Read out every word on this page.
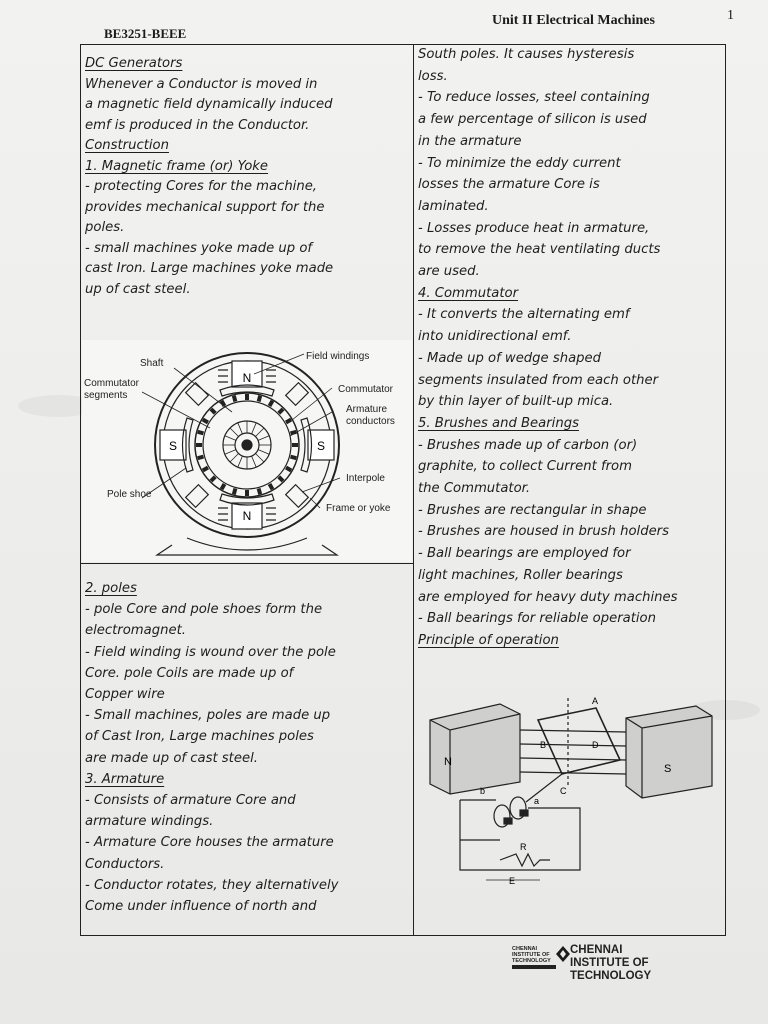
BE3251-BEEE
Unit II Electrical Machines	1

DC Generators

Whenever a Conductor is moved in

a magnetic field dynamically induced

emf is produced in the Conductor.

Construction

1. Magnetic frame (or) Yoke

- protecting Cores for the machine,

provides mechanical support for the

poles.

- small machines yoke made up of

cast Iron. Large machines yoke made

up of cast steel.

N
N
S	S
Shaft
Field windings
Commutator
segments
Commutator
Armature
conductors
Interpole
Pole shoe
Frame or yoke

2. poles

- pole Core and pole shoes form the

electromagnet.

- Field winding is wound over the pole

Core. pole Coils are made up of

Copper wire

- Small machines, poles are made up

of Cast Iron, Large machines poles

are made up of cast steel.

3. Armature

- Consists of armature Core and

armature windings.

- Armature Core houses the armature

Conductors.

- Conductor rotates, they alternatively

Come under influence of north and

South poles. It causes hysteresis

loss.

- To reduce losses, steel containing

a few percentage of silicon is used

in the armature

- To minimize the eddy current

losses the armature Core is

laminated.

- Losses produce heat in armature,

to remove the heat ventilating ducts

are used.

4. Commutator

- It converts the alternating emf

into unidirectional emf.

- Made up of wedge shaped

segments insulated from each other

by thin layer of built-up mica.

5. Brushes and Bearings

- Brushes made up of carbon (or)

graphite, to collect Current from

the Commutator.

- Brushes are rectangular in shape

- Brushes are housed in brush holders

- Ball bearings are employed for

light machines, Roller bearings

are employed for heavy duty machines

- Ball bearings for reliable operation

Principle of operation

N
S
A
B	D
C
a
b
R
E
CHENNAI
INSTITUTE OF
TECHNOLOGY
CHENNAI
INSTITUTE OF TECHNOLOGY
